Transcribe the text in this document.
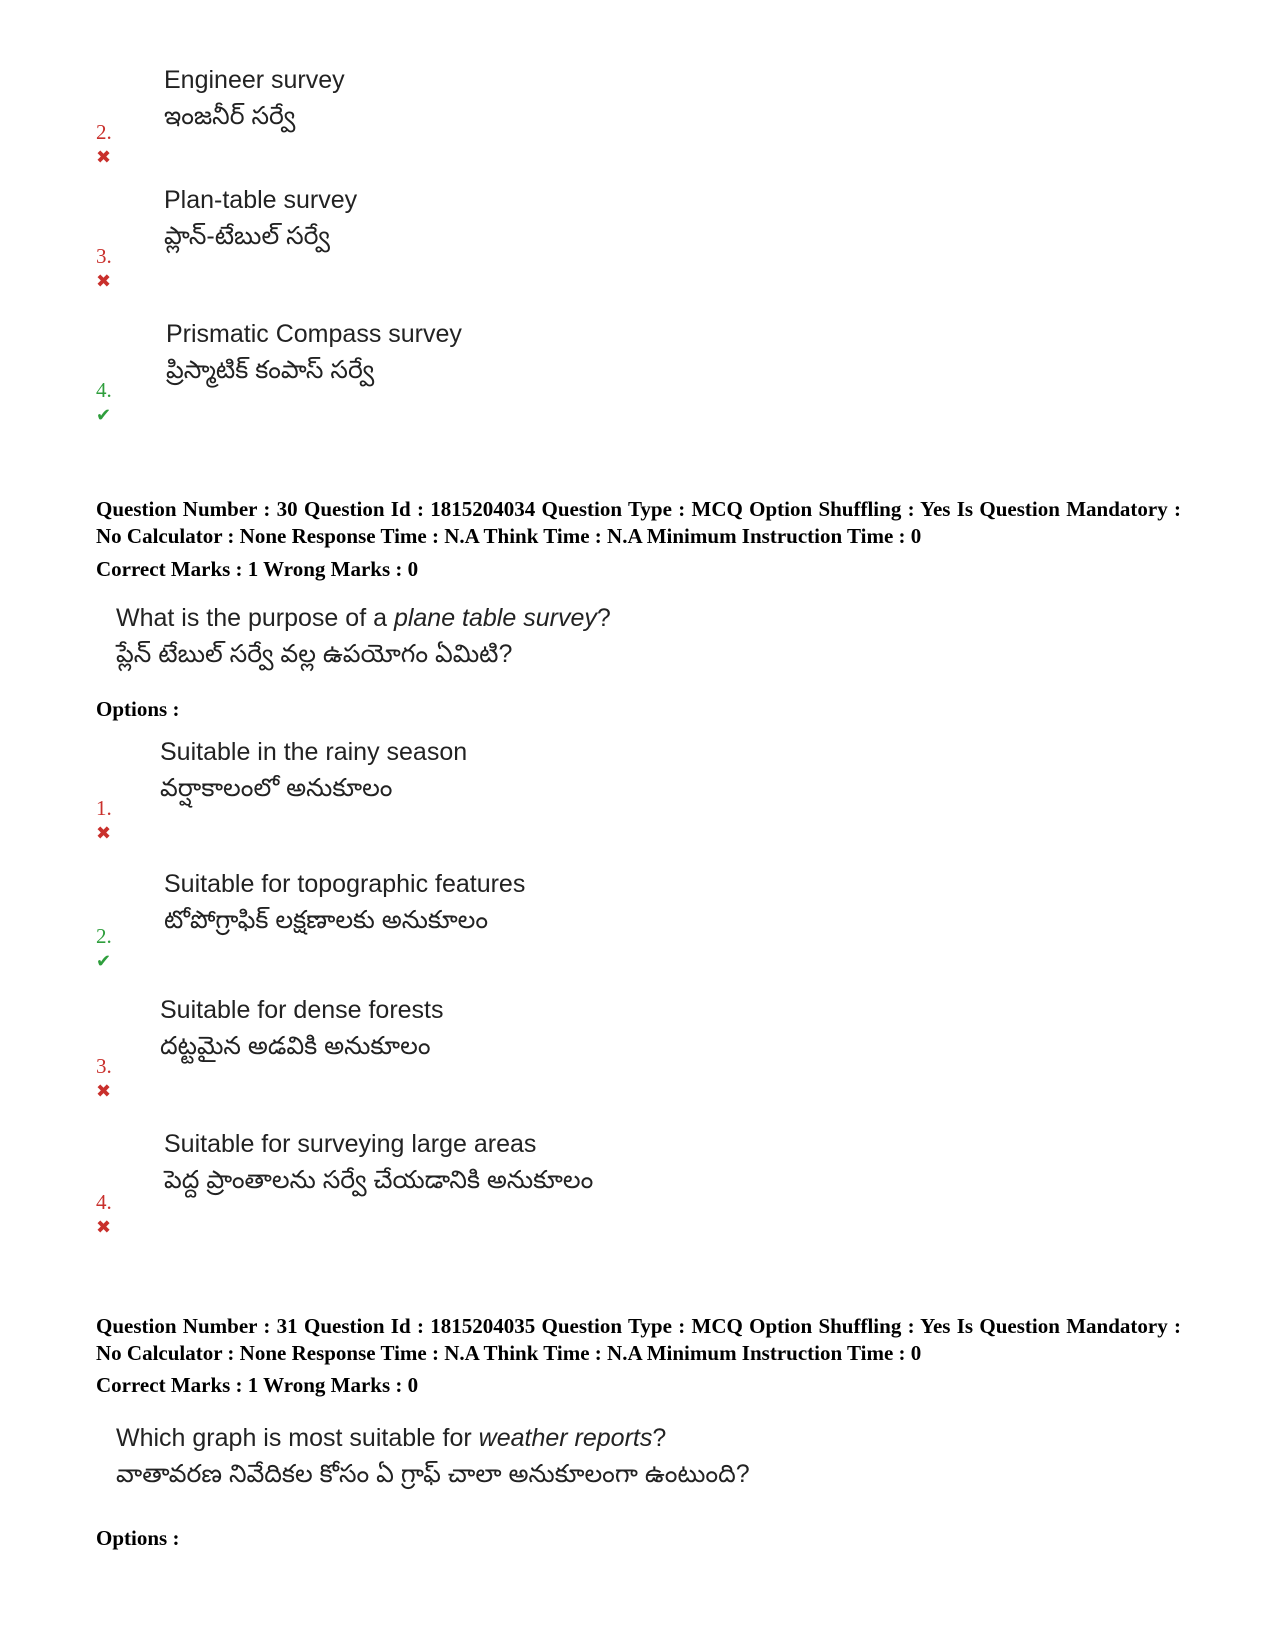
Engineer survey
ఇంజనీర్ సర్వే
2. ✖
Plan-table survey
ప్లాన్-టేబుల్ సర్వే
3. ✖
Prismatic Compass survey
ప్రిస్మాటిక్ కంపాస్ సర్వే
4. ✔
Question Number : 30 Question Id : 1815204034 Question Type : MCQ Option Shuffling : Yes Is Question Mandatory : No Calculator : None Response Time : N.A Think Time : N.A Minimum Instruction Time : 0
Correct Marks : 1 Wrong Marks : 0
What is the purpose of a plane table survey?
ప్లేన్ టేబుల్ సర్వే వల్ల ఉపయోగం ఏమిటి?
Options :
Suitable in the rainy season
వర్షాకాలంలో అనుకూలం
1. ✖
Suitable for topographic features
టోపోగ్రాఫిక్ లక్షణాలకు అనుకూలం
2. ✔
Suitable for dense forests
దట్టమైన అడవికి అనుకూలం
3. ✖
Suitable for surveying large areas
పెద్ద ప్రాంతాలను సర్వే చేయడానికి అనుకూలం
4. ✖
Question Number : 31 Question Id : 1815204035 Question Type : MCQ Option Shuffling : Yes Is Question Mandatory : No Calculator : None Response Time : N.A Think Time : N.A Minimum Instruction Time : 0
Correct Marks : 1 Wrong Marks : 0
Which graph is most suitable for weather reports?
వాతావరణ నివేదికల కోసం ఏ గ్రాఫ్ చాలా అనుకూలంగా ఉంటుంది?
Options :
